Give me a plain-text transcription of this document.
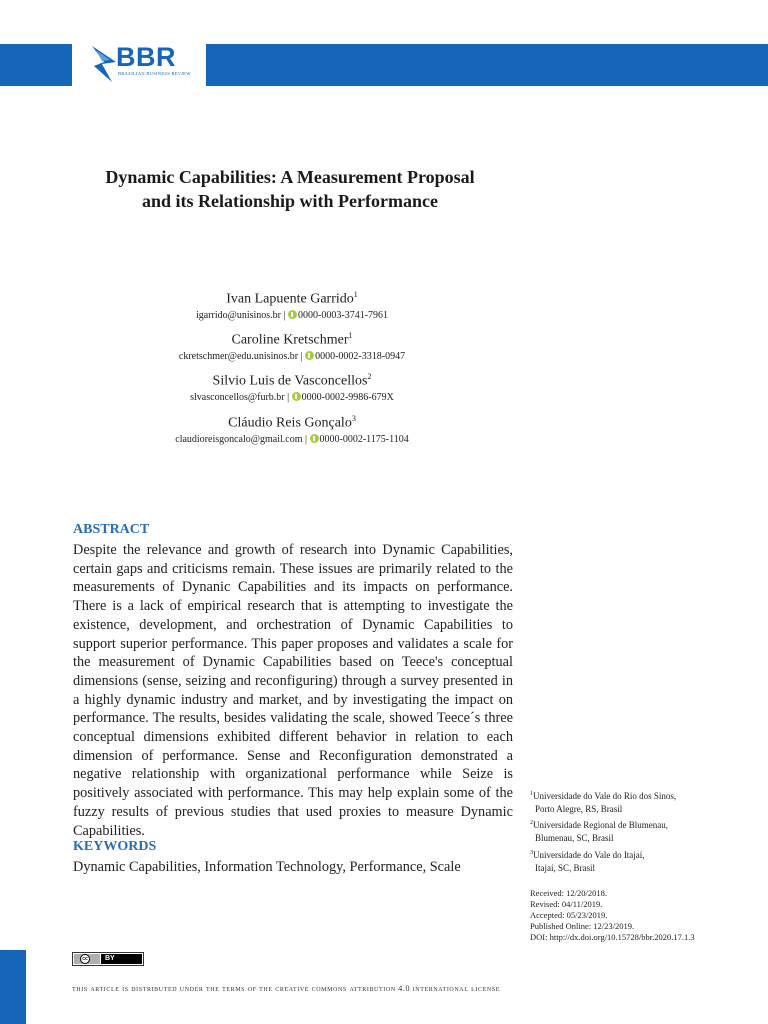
BBR
BRAZILIAN BUSINESS REVIEW
Dynamic Capabilities: A Measurement Proposal
and its Relationship with Performance
Ivan Lapuente Garrido$^1$
igarrido@unisinos.br | 0000-0003-3741-7961
Caroline Kretschmer$^1$
ckretschmer@edu.unisinos.br | 0000-0002-3318-0947
Silvio Luis de Vasconcellos$^2$
slvasconcellos@furb.br | 0000-0002-9986-679X
Cláudio Reis Gonçalo$^3$
claudioreisgoncalo@gmail.com | 0000-0002-1175-1104
ABSTRACT
Despite the relevance and growth of research into Dynamic Capabilities, certain gaps and criticisms remain. These issues are primarily related to the measurements of Dynanic Capabilities and its impacts on performance. There is a lack of empirical research that is attempting to investigate the existence, development, and orchestration of Dynamic Capabilities to support superior performance. This paper proposes and validates a scale for the measurement of Dynamic Capabilities based on Teece's conceptual dimensions (sense, seizing and reconfiguring) through a survey presented in a highly dynamic industry and market, and by investigating the impact on performance. The results, besides validating the scale, showed Teece´s three conceptual dimensions exhibited different behavior in relation to each dimension of performance. Sense and Reconfiguration demonstrated a negative relationship with organizational performance while Seize is positively associated with performance. This may help explain some of the fuzzy results of previous studies that used proxies to measure Dynamic Capabilities.
KEYWORDS
Dynamic Capabilities, Information Technology, Performance, Scale
$^1$Universidade do Vale do Rio dos Sinos,
Porto Alegre, RS, Brasil
$^2$Universidade Regional de Blumenau,
Blumenau, SC, Brasil
$^3$Universidade do Vale do Itajaí,
Itajaí, SC, Brasil
Received: 12/20/2018.
Revised: 04/11/2019.
Accepted: 05/23/2019.
Published Online: 12/23/2019.
DOI: http://dx.doi.org/10.15728/bbr.2020.17.1.3
cc	BY
this article is distributed under the terms of the creative commons attribution 4.0 international license
